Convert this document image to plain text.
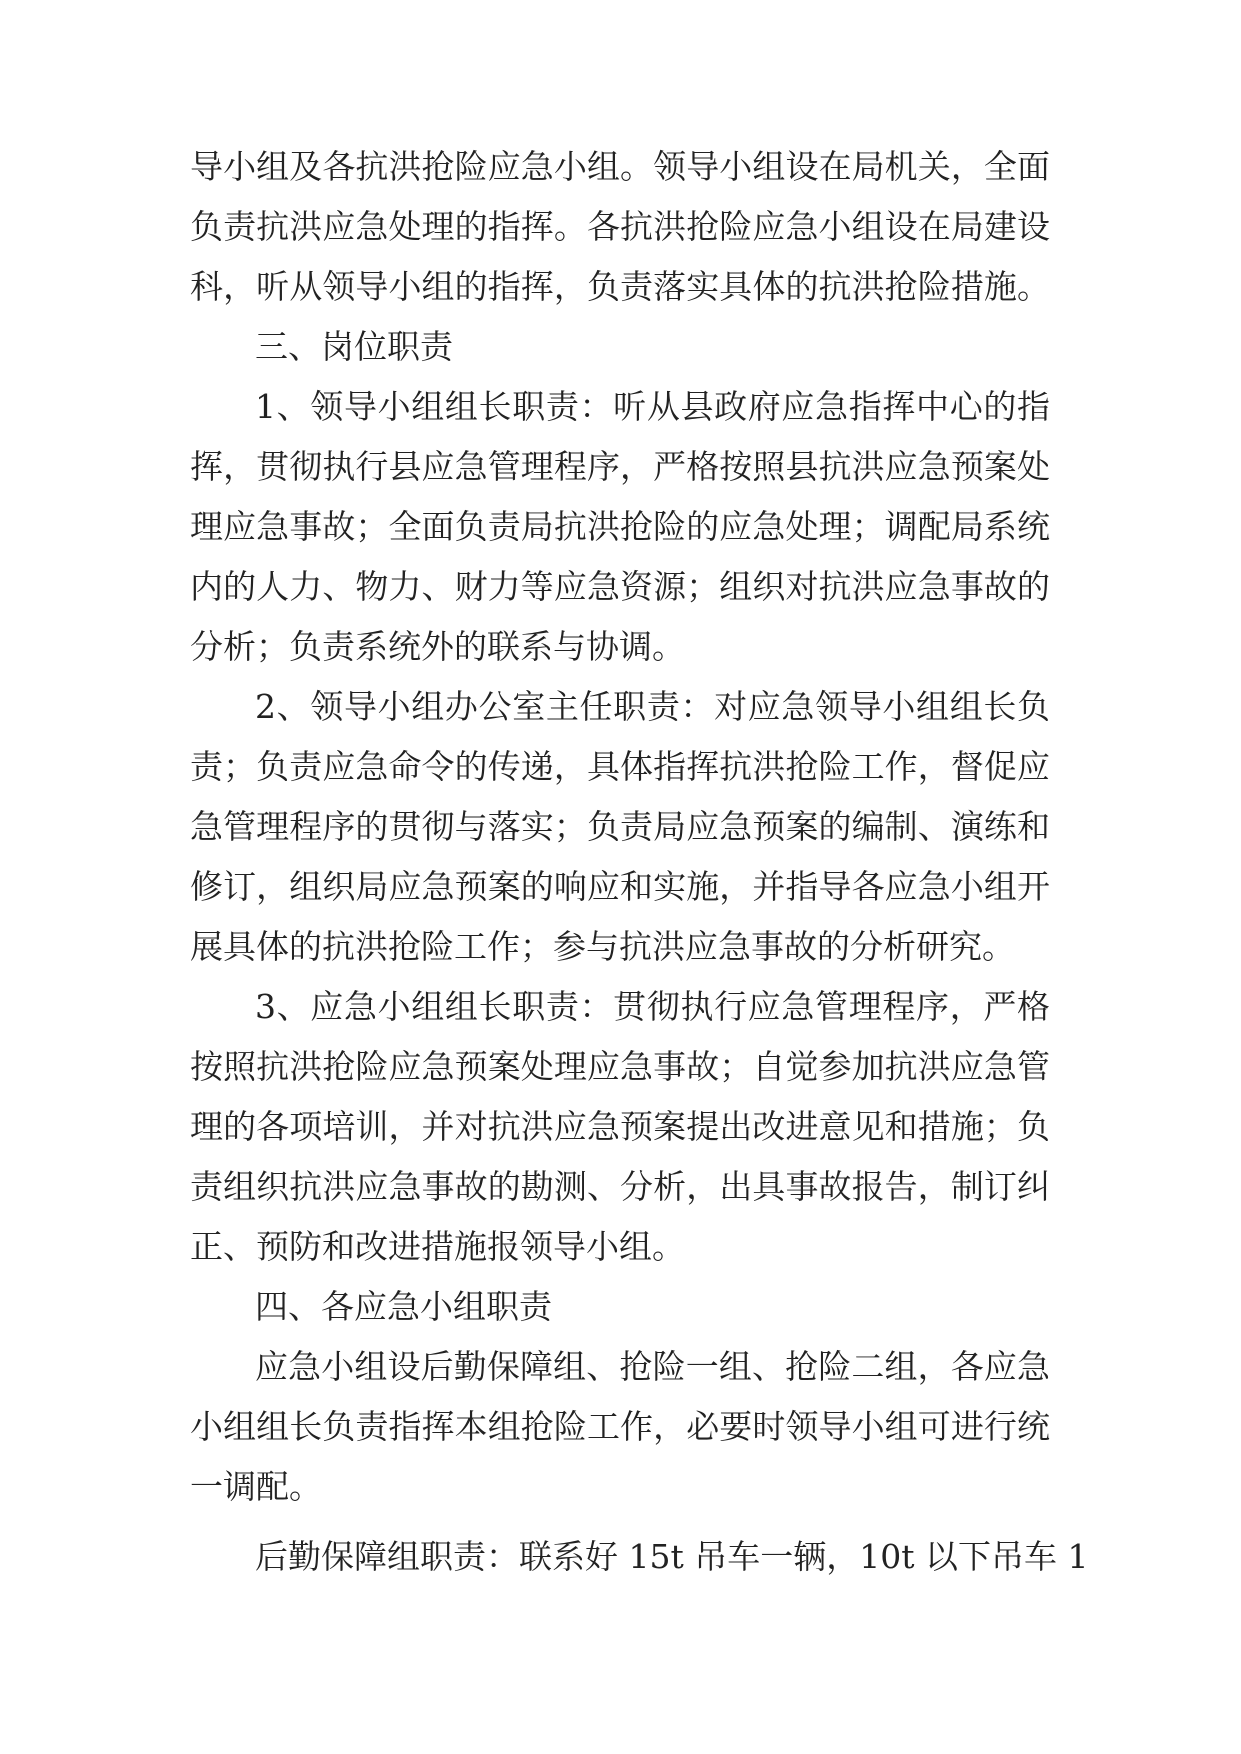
导小组及各抗洪抢险应急小组。领导小组设在局机关，全面
负责抗洪应急处理的指挥。各抗洪抢险应急小组设在局建设
科，听从领导小组的指挥，负责落实具体的抗洪抢险措施。
三、岗位职责
1、领导小组组长职责：听从县政府应急指挥中心的指
挥，贯彻执行县应急管理程序，严格按照县抗洪应急预案处
理应急事故；全面负责局抗洪抢险的应急处理；调配局系统
内的人力、物力、财力等应急资源；组织对抗洪应急事故的
分析；负责系统外的联系与协调。
2、领导小组办公室主任职责：对应急领导小组组长负
责；负责应急命令的传递，具体指挥抗洪抢险工作，督促应
急管理程序的贯彻与落实；负责局应急预案的编制、演练和
修订，组织局应急预案的响应和实施，并指导各应急小组开
展具体的抗洪抢险工作；参与抗洪应急事故的分析研究。
3、应急小组组长职责：贯彻执行应急管理程序，严格
按照抗洪抢险应急预案处理应急事故；自觉参加抗洪应急管
理的各项培训，并对抗洪应急预案提出改进意见和措施；负
责组织抗洪应急事故的勘测、分析，出具事故报告，制订纠
正、预防和改进措施报领导小组。
四、各应急小组职责
应急小组设后勤保障组、抢险一组、抢险二组，各应急
小组组长负责指挥本组抢险工作，必要时领导小组可进行统
一调配。
后勤保障组职责：联系好 15t 吊车一辆，10t 以下吊车 1
